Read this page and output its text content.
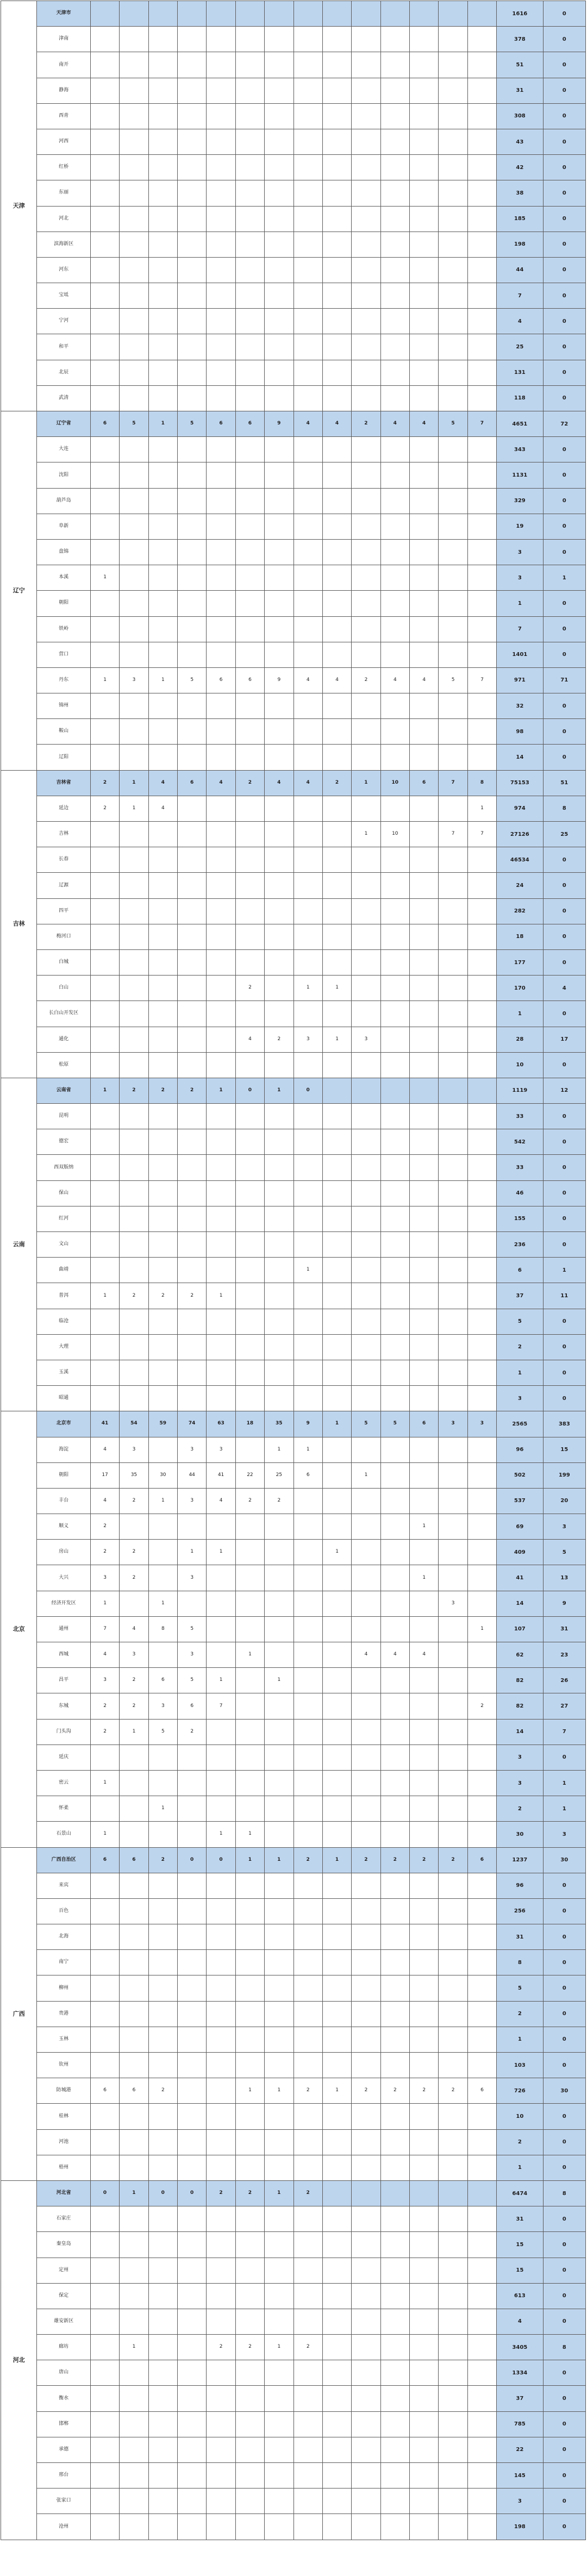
天津	天津市															1616	0
	津南															378	0
	南开															51	0
	静海															31	0
	西青															308	0
	河西															43	0
	红桥															42	0
	东丽															38	0
	河北															185	0
	滨海新区															198	0
	河东															44	0
	宝坻															7	0
	宁河															4	0
	和平															25	0
	北辰															131	0
	武清															118	0
辽宁	辽宁省	6	5	1	5	6	6	9	4	4	2	4	4	5	7	4651	72
	大连															343	0
	沈阳															1131	0
	葫芦岛															329	0
	阜新															19	0
	盘锦															3	0
	本溪	1														3	1
	朝阳															1	0
	铁岭															7	0
	营口															1401	0
	丹东	1	3	1	5	6	6	9	4	4	2	4	4	5	7	971	71
	锦州															32	0
	鞍山															98	0
	辽阳															14	0
吉林	吉林省	2	1	4	6	4	2	4	4	2	1	10	6	7	8	75153	51
	延边	2	1	4											1	974	8
	吉林										1	10		7	7	27126	25
	长春															46534	0
	辽源															24	0
	四平															282	0
	梅河口															18	0
	白城															177	0
	白山						2		1	1						170	4
	长白山开发区															1	0
	通化						4	2	3	1	3					28	17
	松原															10	0
云南	云南省	1	2	2	2	1	0	1	0							1119	12
	昆明															33	0
	德宏															542	0
	西双版纳															33	0
	保山															46	0
	红河															155	0
	文山															236	0
	曲靖								1							6	1
	普洱	1	2	2	2	1										37	11
	临沧															5	0
	大理															2	0
	玉溪															1	0
	昭通															3	0
北京	北京市	41	54	59	74	63	18	35	9	1	5	5	6	3	3	2565	383
	海淀	4	3		3	3		1	1							96	15
	朝阳	17	35	30	44	41	22	25	6		1					502	199
	丰台	4	2	1	3	4	2	2								537	20
	顺义	2											1			69	3
	房山	2	2		1	1				1						409	5
	大兴	3	2		3								1			41	13
	经济开发区	1		1										3		14	9
	通州	7	4	8	5										1	107	31
	西城	4	3		3		1				4	4	4			62	23
	昌平	3	2	6	5	1		1								82	26
	东城	2	2	3	6	7									2	82	27
	门头沟	2	1	5	2											14	7
	延庆															3	0
	密云	1														3	1
	怀柔			1												2	1
	石景山	1				1	1									30	3
广西	广西自治区	6	6	2	0	0	1	1	2	1	2	2	2	2	6	1237	30
	来宾															96	0
	百色															256	0
	北海															31	0
	南宁															8	0
	柳州															5	0
	贵港															2	0
	玉林															1	0
	钦州															103	0
	防城港	6	6	2			1	1	2	1	2	2	2	2	6	726	30
	桂林															10	0
	河池															2	0
	梧州															1	0
河北	河北省	0	1	0	0	2	2	1	2							6474	8
	石家庄															31	0
	秦皇岛															15	0
	定州															15	0
	保定															613	0
	雄安新区															4	0
	廊坊		1			2	2	1	2							3405	8
	唐山															1334	0
	衡水															37	0
	邯郸															785	0
	承德															22	0
	邢台															145	0
	张家口															3	0
	沧州															198	0
